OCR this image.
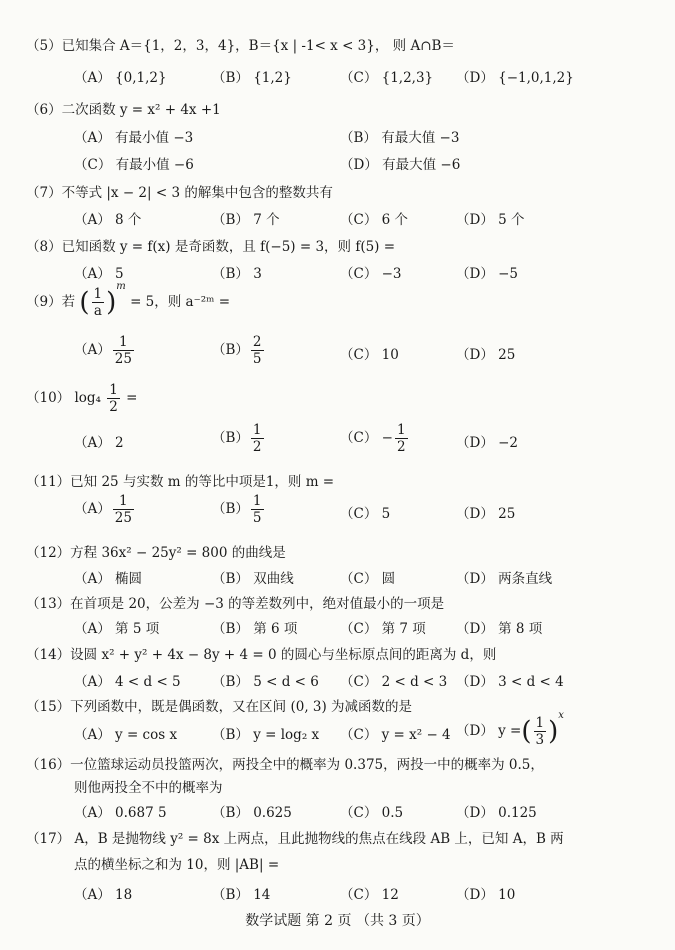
（5）已知集合 A＝{1，2，3，4}，B＝{x | -1< x < 3}， 则 A∩B＝
（A） {0,1,2}	（B） {1,2}	（C） {1,2,3} （D） {−1,0,1,2}
（6）二次函数 y = x² + 4x +1
（A） 有最小值 −3	（B） 有最大值 −3
（C） 有最小值 −6	（D） 有最大值 −6
（7）不等式 |x − 2| < 3 的解集中包含的整数共有
（A） 8 个	（B） 7 个	（C） 6 个	（D） 5 个
（8）已知函数 y = f(x) 是奇函数，且 f(−5) = 3，则 f(5) =
（A） 5	（B） 3	（C） −3	（D） −5
（9）若 ( $\frac{1}{a} )^m = 5$，则 a⁻²ᵐ =
$(A) \frac{1}{25}$	$(B) \frac{2}{5}$	（C） 10	（D） 25
（10） $\log_4 \frac{1}{2}$ =
（A） 2	$(B) \frac{1}{2}$	$(C) - \frac{1}{2}$	（D） −2
（11）已知 25 与实数 m 的等比中项是1，则 m =
$(A) \frac{1}{25}$	$(B) \frac{1}{5}$	（C） 5	（D） 25
（12）方程 36x² − 25y² = 800 的曲线是
（A） 椭圆	（B） 双曲线	（C） 圆	（D） 两条直线
（13）在首项是 20，公差为 −3 的等差数列中，绝对值最小的一项是
（A） 第 5 项	（B） 第 6 项	（C） 第 7 项 （D） 第 8 项
（14）设圆 x² + y² + 4x − 8y + 4 = 0 的圆心与坐标原点间的距离为 d，则
（A） 4 < d < 5 （B） 5 < d < 6 （C） 2 < d < 3 （D） 3 < d < 4
（15）下列函数中，既是偶函数，又在区间 (0, 3) 为减函数的是
（A） y = cos x	（B） y = log₂ x （C） y = x² − 4 （D） y =( $\frac{1}{3} )^x$
（16）一位篮球运动员投篮两次，两投全中的概率为 0.375，两投一中的概率为 0.5，
则他两投全不中的概率为
（A） 0.687 5	（B） 0.625	（C） 0.5	（D） 0.125
（17） A，B 是抛物线 y² = 8x 上两点，且此抛物线的焦点在线段 AB 上，已知 A，B 两
点的横坐标之和为 10，则 |AB| =
（A） 18	（B） 14	（C） 12	（D） 10
数学试题 第 2 页 （共 3 页）
